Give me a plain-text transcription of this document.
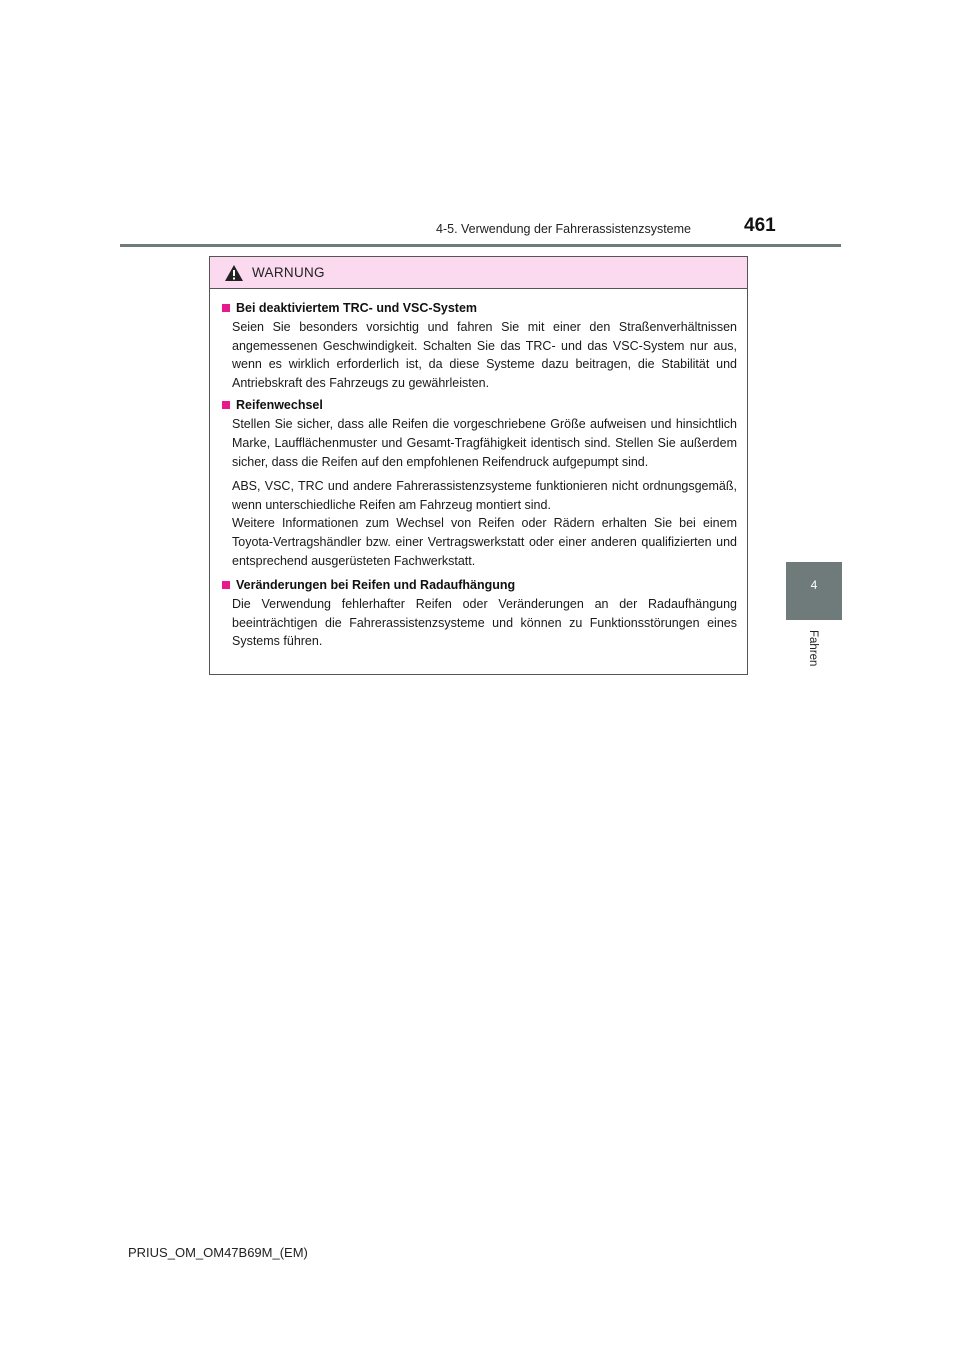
4-5. Verwendung der Fahrerassistenzsysteme	461
4
Fahren
WARNUNG
Bei deaktiviertem TRC- und VSC-System

Seien Sie besonders vorsichtig und fahren Sie mit einer den Straßenverhältnissen angemessenen Geschwindigkeit. Schalten Sie das TRC- und das VSC-System nur aus, wenn es wirklich erforderlich ist, da diese Systeme dazu beitragen, die Stabilität und Antriebskraft des Fahrzeugs zu gewährleisten.

Reifenwechsel

Stellen Sie sicher, dass alle Reifen die vorgeschriebene Größe aufweisen und hinsichtlich Marke, Laufflächenmuster und Gesamt-Tragfähigkeit identisch sind. Stellen Sie außerdem sicher, dass die Reifen auf den empfohlenen Reifendruck aufgepumpt sind.

ABS, VSC, TRC und andere Fahrerassistenzsysteme funktionieren nicht ordnungsgemäß, wenn unterschiedliche Reifen am Fahrzeug montiert sind.
Weitere Informationen zum Wechsel von Reifen oder Rädern erhalten Sie bei einem Toyota-Vertragshändler bzw. einer Vertragswerkstatt oder einer anderen qualifizierten und entsprechend ausgerüsteten Fachwerkstatt.

Veränderungen bei Reifen und Radaufhängung

Die Verwendung fehlerhafter Reifen oder Veränderungen an der Radaufhängung beeinträchtigen die Fahrerassistenzsysteme und können zu Funktionsstörungen eines Systems führen.

PRIUS_OM_OM47B69M_(EM)
